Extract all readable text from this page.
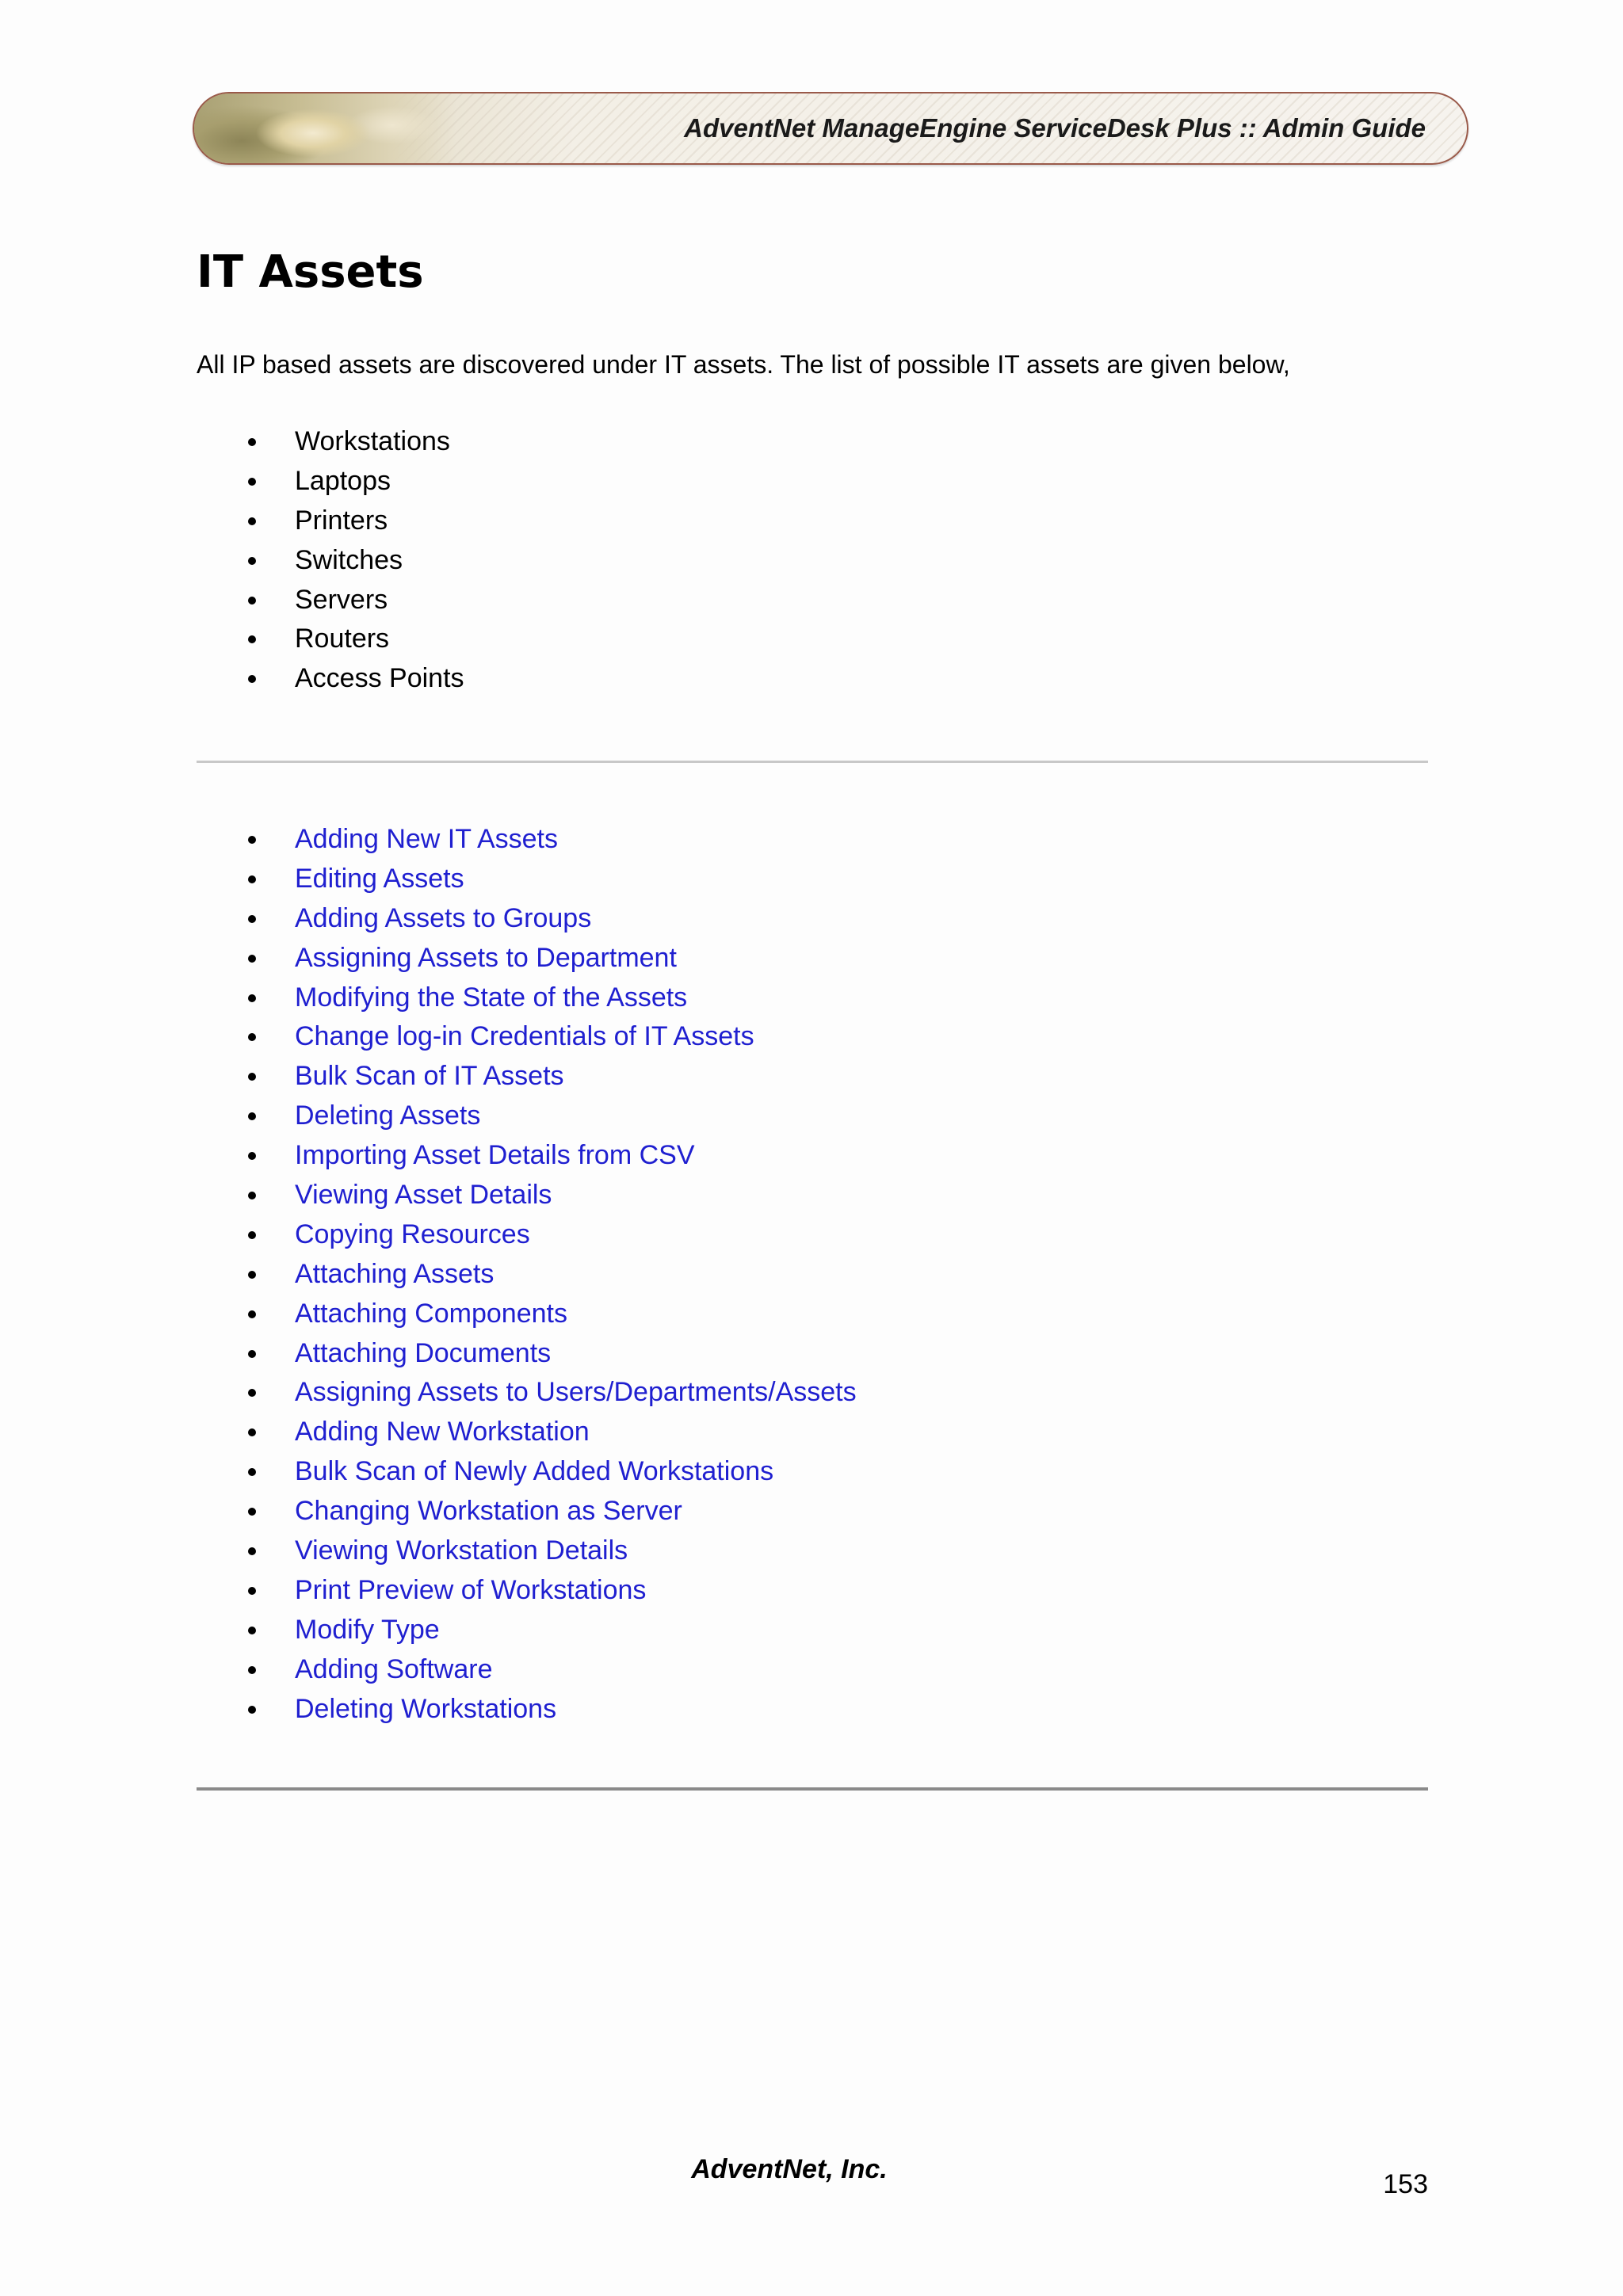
AdventNet ManageEngine ServiceDesk Plus :: Admin Guide
IT Assets
All IP based assets are discovered under IT assets. The list of possible IT assets are given below,
Workstations
Laptops
Printers
Switches
Servers
Routers
Access Points
Adding New IT Assets
Editing Assets
Adding Assets to Groups
Assigning Assets to Department
Modifying the State of the Assets
Change log-in Credentials of IT Assets
Bulk Scan of IT Assets
Deleting Assets
Importing Asset Details from CSV
Viewing Asset Details
Copying Resources
Attaching Assets
Attaching Components
Attaching Documents
Assigning Assets to Users/Departments/Assets
Adding New Workstation
Bulk Scan of Newly Added Workstations
Changing Workstation as Server
Viewing Workstation Details
Print Preview of Workstations
Modify Type
Adding Software
Deleting Workstations
AdventNet, Inc.	153
